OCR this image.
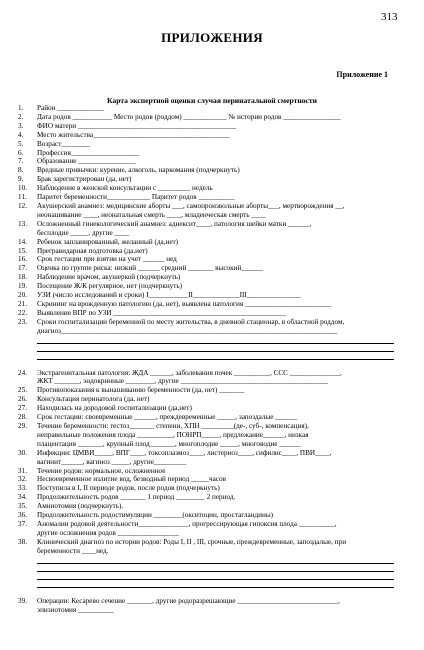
313
ПРИЛОЖЕНИЯ
Приложение 1
Карта экспертной оценки случая перинатальной смертности
1.	Район _____________
2.	Дата родов ___________ Место родов (роддом) ____________ № истории родов ________________
3.	ФИО матери ____________________________________________
4.	Место жительства______________________________________
5.	Возраст________
6.	Профессия___________________
7.	Образование ________________
8.	Вредные привычки: курение, алкоголь, наркомания (подчеркнуть)
9.	Брак зарегистрирован (да, нет)
10.	Наблюдение в женской консультации с _________ недель
11.	Паритет беременности____________ Паритет родов __________
12.	Акушерский анамнез: медицинские аборты ___, самопроизвольные аборты___, мертворождения __,
неонашивание ____, неонатальная смерть ____, младенческая смерть ____
13.	Осложненный гинекологический анамнез: аднексит____, патология шейки матки ______,
бесплодие _____, другие ____
14.	Ребенок запланированный, желанный (да,нет)
15.	Прегравидарная подготовка (да,нет)
16.	Срок гестации при взятии на учет ______ нед
17.	Оценка по группе риска: низкий ______ средний _______ высокий______
18.	Наблюдение врачом, акушеркой (подчеркнуть)
19.	Посещение Ж/К регулярное, нет (подчеркнуть)
20.	УЗИ (число исследований и сроки) I___________II_____________III_______________
21.	Скрининг на врожденную патологию (да, нет), выявлена патология ________________________
22.	Выявление ВПР по УЗИ ________________________________________________
23.	Сроки госпитализации беременной по месту жительства, в дневной стационар, в областной роддом,
диагноз_____________________________________________________________________________
24.	Экстрагенитальная патология: ЖДА ______, заболевания почек __________, ССС ______________,
ЖКТ _______, эндокринные ________, другие _________________________________________
25.	Противопоказания к вынашиванию беременности (да, нет) _______
26.	Консультация перинатолога (да, нет)
27.	Находилась на дородовой госпитализации (да,нет)
28.	Срок гестации: своевременные ______, преждевременные _____, запоздалые ______
29.	Течение беременности: гестоз_______ степени, ХПН _________(де-, суб-, компенсация),
неправильные положения плода __________, ПОНРП_____, предлежание______, низкая
плацентация _______, крупный плод_______, многоплодие _____, многоводие ______
30.	Инфекции: ЦМВИ_____, ВПГ____, токсоплазмоз____, листериоз____, сифилис____, ПВИ____,
вагинит______, вагиноз _____, другие_________
31.	Течение родов: нормальное, осложненное
32.	Несвоевременное излитие вод, безводный период _____часов
33.	Поступила в I, II периоде родов, после родов (подчеркнуть)
34.	Продолжительность родов _______ 1 период ________ 2 период.
35.	Амниотомия (подчеркнуть).
36.	Продолжительность родостимуляции ________(окситоцин, простагландины)
37.	Аномалии родовой деятельности______________, прогрессирующая гипоксия плода __________,
другие осложнения родов _________________
38.	Клинический диагноз по истории родов: Роды I, II , III, срочные, преждевременные, запоздалые, при
беременности ____нед.
39.	Операции: Кесарево сечение _______, другие родоразрешающие ____________________________,
эпизиотомия __________
